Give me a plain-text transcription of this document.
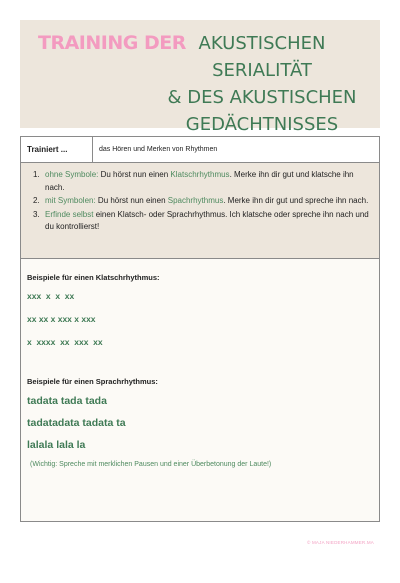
TRAINING DER AKUSTISCHEN SERIALITÄT
& DES AKUSTISCHEN
GEDÄCHTNISSES
Trainiert ...	das Hören und Merken von Rhythmen
1. ohne Symbole: Du hörst nun einen Klatschrhythmus. Merke ihn dir gut und klatsche ihn nach.
2. mit Symbolen: Du hörst nun einen Spachrhythmus. Merke ihn dir gut und spreche ihn nach.
3. Erfinde selbst einen Klatsch- oder Sprachrhythmus. Ich klatsche oder spreche ihn nach und du kontrollierst!
Beispiele für einen Klatschrhythmus:
xxx  x  x  xx
xx xx x xxx x xxx
x  xxxx  xx  xxx  xx
Beispiele für einen Sprachrhythmus:
tadata tada tada
tadatadata tadata ta
lalala lala la
(Wichtig: Spreche mit merklichen Pausen und einer Überbetonung der Laute!)
© MAJA NIEDERHAMMER.MA
